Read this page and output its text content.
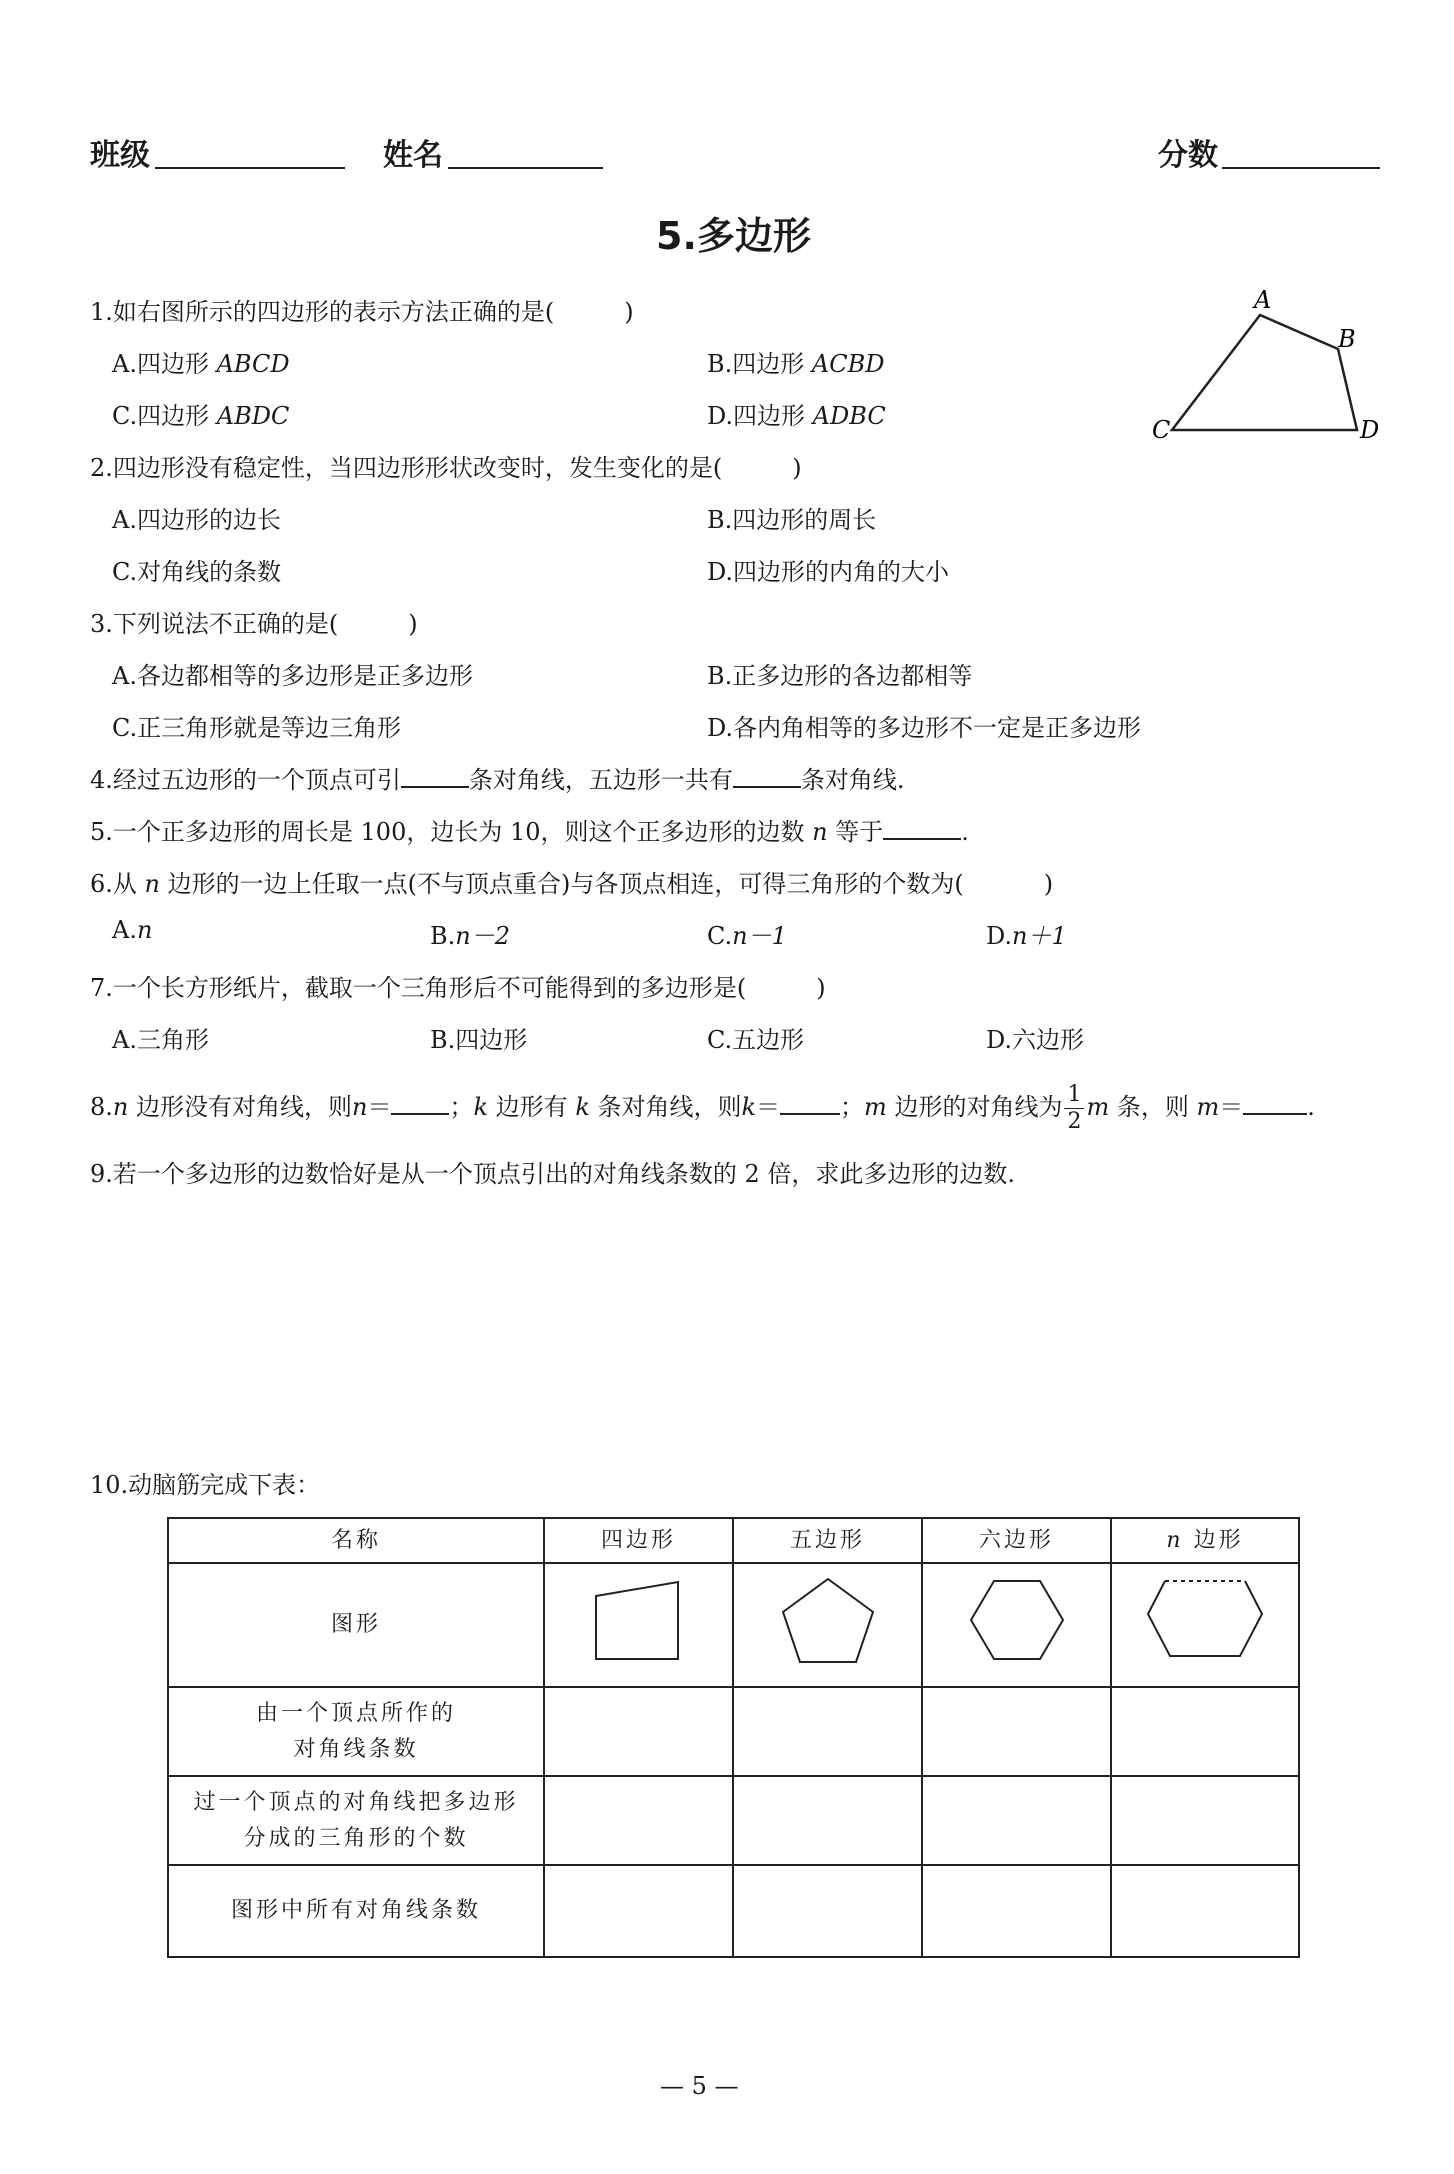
班级	姓名	分数
5.多边形
A
B
C	D
1.如右图所示的四边形的表示方法正确的是(	)
A.四边形 ABCD	B.四边形 ACBD
C.四边形 ABDC	D.四边形 ADBC
2.四边形没有稳定性，当四边形形状改变时，发生变化的是(	)
A.四边形的边长	B.四边形的周长
C.对角线的条数	D.四边形的内角的大小
3.下列说法不正确的是(	)
A.各边都相等的多边形是正多边形	B.正多边形的各边都相等
C.正三角形就是等边三角形	D.各内角相等的多边形不一定是正多边形
4.经过五边形的一个顶点可引	条对角线，五边形一共有	条对角线.
5.一个正多边形的周长是 100，边长为 10，则这个正多边形的边数 n 等于	.
6.从 n 边形的一边上任取一点(不与顶点重合)与各顶点相连，可得三角形的个数为(	)
A.n	B.n－2	C.n－1	D.n＋1
7.一个长方形纸片，截取一个三角形后不可能得到的多边形是(	)
A.三角形	B.四边形	C.五边形	D.六边形
8.n 边形没有对角线，则n＝ ；k 边形有 k 条对角线，则k＝	；m 边形的对角线为 $\frac{1}{2}$ m 条，则 m＝	.
9.若一个多边形的边数恰好是从一个顶点引出的对角线条数的 2 倍，求此多边形的边数.
10.动脑筋完成下表：
名称	四边形	五边形	六边形	n 边形
图形				
由一个顶点所作的
对角线条数				
过一个顶点的对角线把多边形
分成的三角形的个数				
图形中所有对角线条数				
— 5 —
